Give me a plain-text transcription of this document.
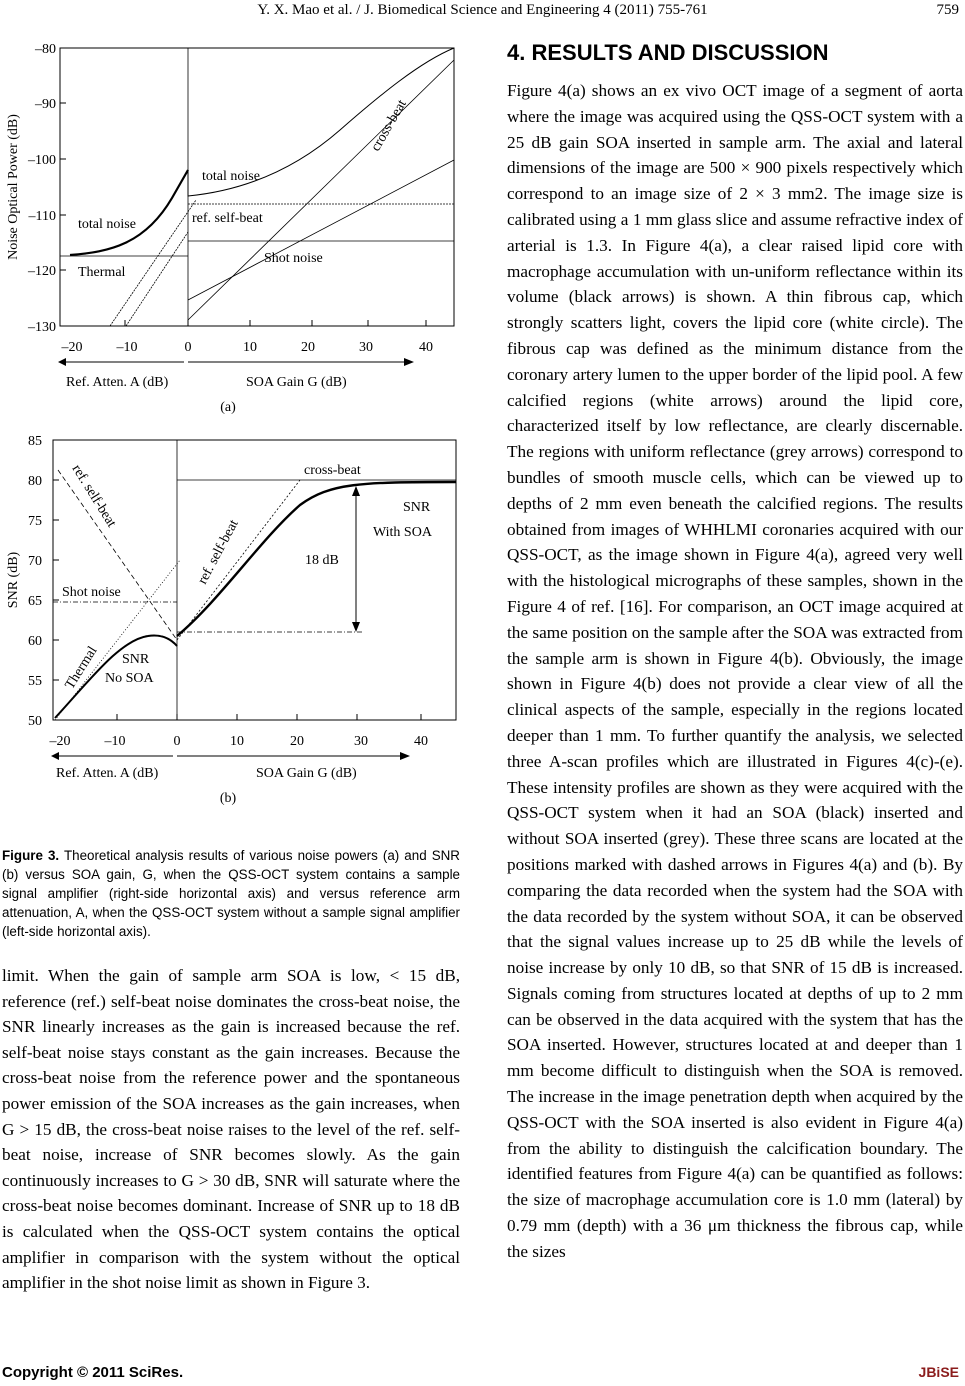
Y. X. Mao et al. / J. Biomedical Science and Engineering 4 (2011) 755-761	759
–80
–90
–100
–110
–120
–130
–20 –10	0	10	20	30	40
Noise Optical Power (dB)
Ref. Atten. A (dB)	SOA Gain G (dB)
(a)
total noise
Thermal
total noise
ref. self-beat
Shot noise
cross-beat
85
80
75
70
65
60
55
50
–20 –10	0	10	20	30	40
SNR (dB)
Ref. Atten. A (dB)	SOA Gain G (dB)
(b)
ref. self-beat
ref. self-beat
cross-beat
SNR
With SOA
18 dB
Shot noise
Thermal SNR
No SOA
Figure 3. Theoretical analysis results of various noise powers (a) and SNR (b) versus SOA gain, G, when the QSS-OCT system contains a sample signal amplifier (right-side horizontal axis) and versus reference arm attenuation, A, when the QSS-OCT system without a sample signal amplifier (left-side horizontal axis).
limit. When the gain of sample arm SOA is low, < 15 dB, reference (ref.) self-beat noise dominates the cross-beat noise, the SNR linearly increases as the gain is increased because the ref. self-beat noise stays constant as the gain increases. Because the cross-beat noise from the reference power and the spontaneous power emission of the SOA increases as the gain increases, when G > 15 dB, the cross-beat noise raises to the level of the ref. self-beat noise, increase of SNR becomes slowly. As the gain continuously increases to G > 30 dB, SNR will saturate where the cross-beat noise becomes dominant. Increase of SNR up to 18 dB is calculated when the QSS-OCT system contains the optical amplifier in comparison with the system without the optical amplifier in the shot noise limit as shown in Figure 3.
4. RESULTS AND DISCUSSION
Figure 4(a) shows an ex vivo OCT image of a segment of aorta where the image was acquired using the QSS-OCT system with a 25 dB gain SOA inserted in sample arm. The axial and lateral dimensions of the image are 500 × 900 pixels respectively which correspond to an image size of 2 × 3 mm2. The image size is calibrated using a 1 mm glass slice and assume refractive index of arterial is 1.3. In Figure 4(a), a clear raised lipid core with macrophage accumulation with un-uniform reflectance within its volume (black arrows) is shown. A thin fibrous cap, which strongly scatters light, covers the lipid core (white circle). The fibrous cap was defined as the minimum distance from the coronary artery lumen to the upper border of the lipid pool. A few calcified regions (white arrows) around the lipid core, characterized itself by low reflectance, are clearly discernable. The regions with uniform reflectance (grey arrows) correspond to bundles of smooth muscle cells, which can be viewed up to depths of 2 mm even beneath the calcified regions. The results obtained from images of WHHLMI coronaries acquired with our QSS-OCT, as the image shown in Figure 4(a), agreed very well with the histological micrographs of these samples, shown in the Figure 4 of ref. [16]. For comparison, an OCT image acquired at the same position on the sample after the SOA was extracted from the sample arm is shown in Figure 4(b). Obviously, the image shown in Figure 4(b) does not provide a clear view of all the clinical aspects of the sample, especially in the regions located deeper than 1 mm. To further quantify the analysis, we selected three A-scan profiles which are illustrated in Figures 4(c)-(e). These intensity profiles are shown as they were acquired with the QSS-OCT system when it had an SOA (black) inserted and without SOA inserted (grey). These three scans are located at the positions marked with dashed arrows in Figures 4(a) and (b). By comparing the data recorded when the system had the SOA with the data recorded by the system without SOA, it can be observed that the signal values increase up to 25 dB while the levels of noise increase by only 10 dB, so that SNR of 15 dB is increased. Signals coming from structures located at depths of up to 2 mm can be observed in the data acquired with the system that has the SOA inserted. However, structures located at and deeper than 1 mm become difficult to distinguish when the SOA is removed. The increase in the image penetration depth when acquired by the QSS-OCT with the SOA inserted is also evident in Figure 4(a) from the ability to distinguish the calcification boundary. The identified features from Figure 4(a) can be quantified as follows: the size of macrophage accumulation core is 1.0 mm (lateral) by 0.79 mm (depth) with a 36 μm thickness the fibrous cap, while the sizes
Copyright © 2011 SciRes.	JBiSE
